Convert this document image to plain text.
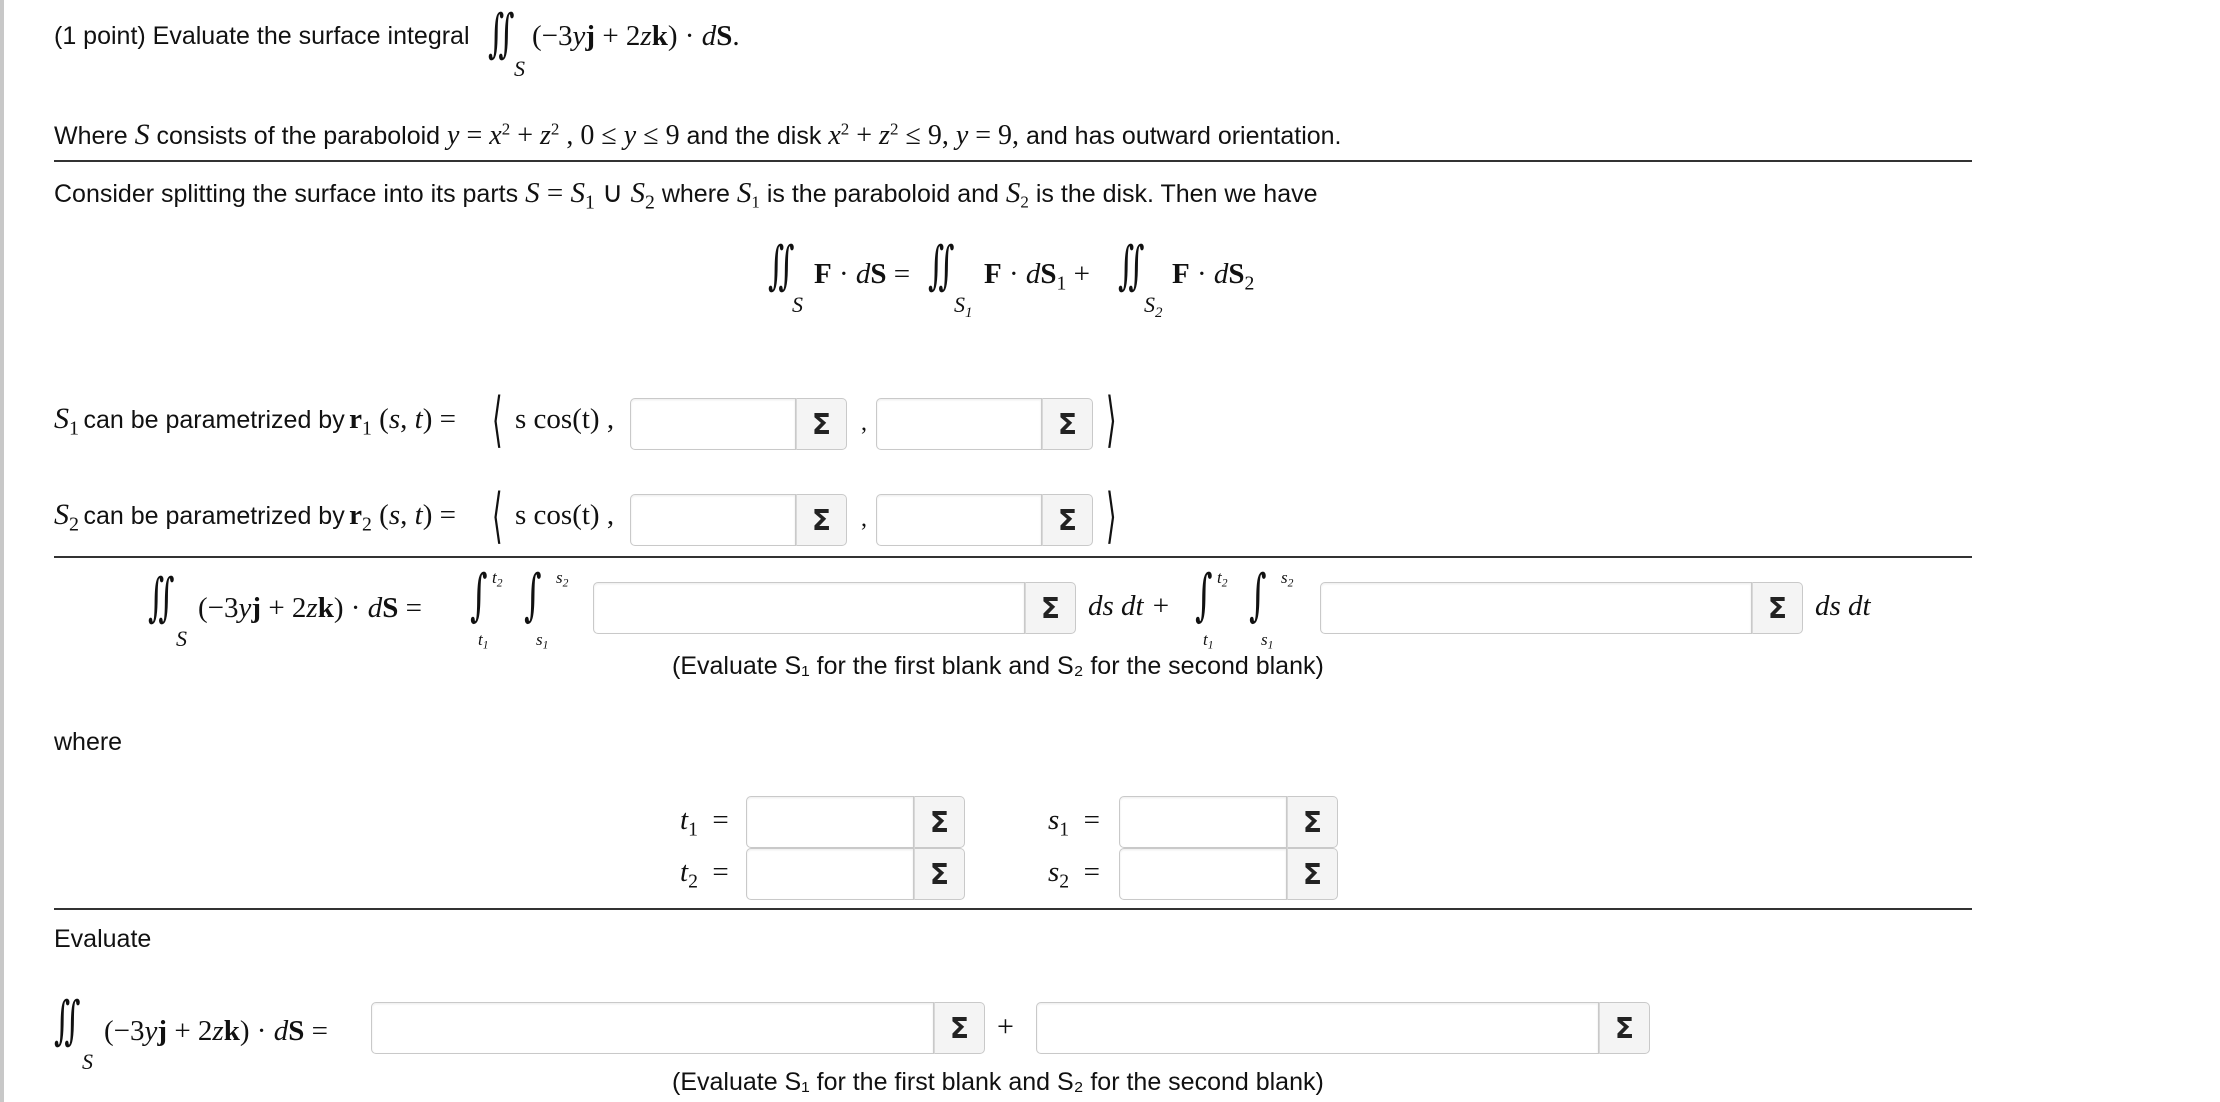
(1 point) Evaluate the surface integral ∬
S
(−3yj + 2zk) · dS.
Where S consists of the paraboloid $y = x^2 + z^2$ , 0 ≤ y ≤ 9 and the disk $x^2 + z^2 \le 9$, y = 9, and has outward orientation.
Consider splitting the surface into its parts $S = S_1$ ∪ $S_2$ where $S_1$ is the paraboloid and $S_2$ is the disk. Then we have
∬
S
F · dS = ∬
$S_1$
$F \cdot dS_1$ + ∬
$S_2$
$F \cdot dS_2$
S1 can be parametrized by $r_1$ (s, t) = ⟨ s cos(t) ,	Σ ,	Σ ⟩
S2 can be parametrized by $r_2$ (s, t) = ⟨ s cos(t) ,	Σ ,	Σ ⟩
∬
S
(−3yj + 2zk) · dS = ∫ $t_2$
$t_1$
∫ $s_2$
$s_1$
Σ ds dt + ∫ $t_2$
$t_1$
∫ $s_2$
$s_1$
Σ ds dt
(Evaluate S₁ for the first blank and S₂ for the second blank)
where
$t_1$  =	Σ	$s_1$  =	Σ
$t_2$  =	Σ	$s_2$  =	Σ
Evaluate
∬
S
(−3yj + 2zk) · dS =	Σ +	Σ
(Evaluate S₁ for the first blank and S₂ for the second blank)
